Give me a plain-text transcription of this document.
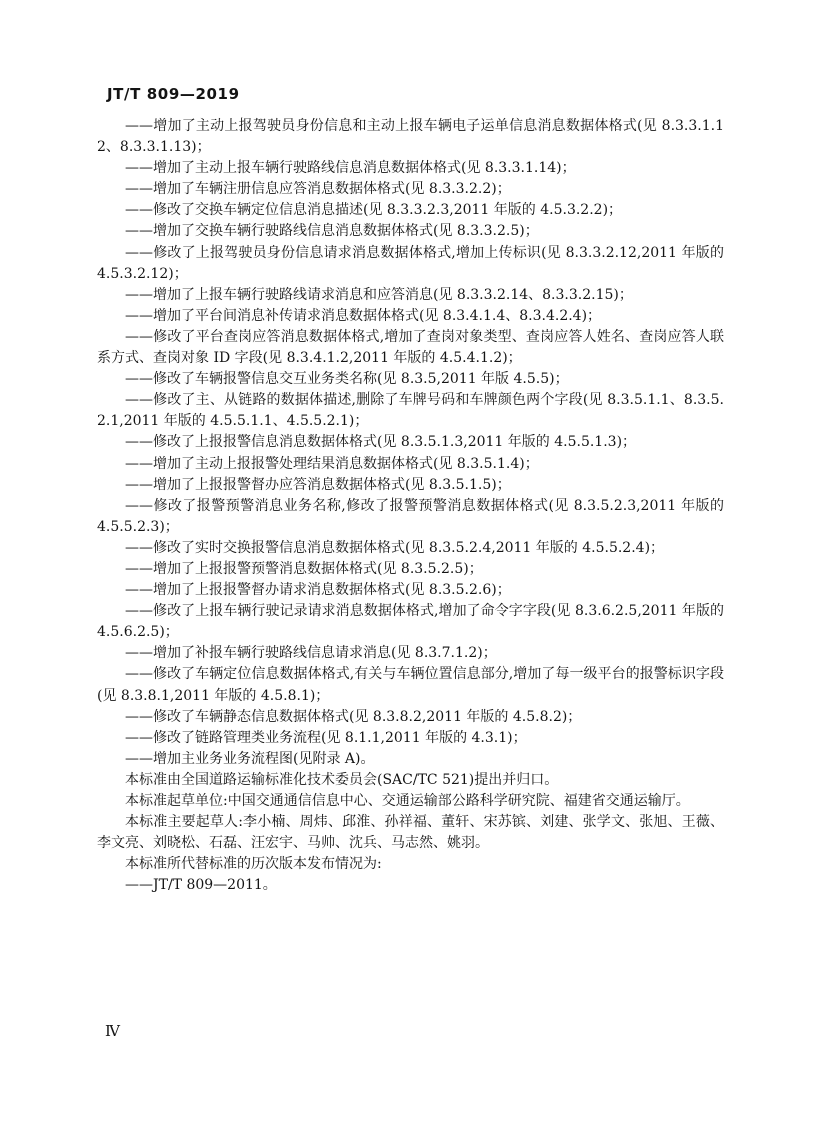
JT/T 809—2019

——增加了主动上报驾驶员身份信息和主动上报车辆电子运单信息消息数据体格式(见 8.3.3.1.12、8.3.3.1.13)；

——增加了主动上报车辆行驶路线信息消息数据体格式(见 8.3.3.1.14)；

——增加了车辆注册信息应答消息数据体格式(见 8.3.3.2.2)；

——修改了交换车辆定位信息消息描述(见 8.3.3.2.3,2011 年版的 4.5.3.2.2)；

——增加了交换车辆行驶路线信息消息数据体格式(见 8.3.3.2.5)；

——修改了上报驾驶员身份信息请求消息数据体格式,增加上传标识(见 8.3.3.2.12,2011 年版的 4.5.3.2.12)；

——增加了上报车辆行驶路线请求消息和应答消息(见 8.3.3.2.14、8.3.3.2.15)；

——增加了平台间消息补传请求消息数据体格式(见 8.3.4.1.4、8.3.4.2.4)；

——修改了平台查岗应答消息数据体格式,增加了查岗对象类型、查岗应答人姓名、查岗应答人联系方式、查岗对象 ID 字段(见 8.3.4.1.2,2011 年版的 4.5.4.1.2)；

——修改了车辆报警信息交互业务类名称(见 8.3.5,2011 年版 4.5.5)；

——修改了主、从链路的数据体描述,删除了车牌号码和车牌颜色两个字段(见 8.3.5.1.1、8.3.5.2.1,2011 年版的 4.5.5.1.1、4.5.5.2.1)；

——修改了上报报警信息消息数据体格式(见 8.3.5.1.3,2011 年版的 4.5.5.1.3)；

——增加了主动上报报警处理结果消息数据体格式(见 8.3.5.1.4)；

——增加了上报报警督办应答消息数据体格式(见 8.3.5.1.5)；

——修改了报警预警消息业务名称,修改了报警预警消息数据体格式(见 8.3.5.2.3,2011 年版的 4.5.5.2.3)；

——修改了实时交换报警信息消息数据体格式(见 8.3.5.2.4,2011 年版的 4.5.5.2.4)；

——增加了上报报警预警消息数据体格式(见 8.3.5.2.5)；

——增加了上报报警督办请求消息数据体格式(见 8.3.5.2.6)；

——修改了上报车辆行驶记录请求消息数据体格式,增加了命令字字段(见 8.3.6.2.5,2011 年版的 4.5.6.2.5)；

——增加了补报车辆行驶路线信息请求消息(见 8.3.7.1.2)；

——修改了车辆定位信息数据体格式,有关与车辆位置信息部分,增加了每一级平台的报警标识字段(见 8.3.8.1,2011 年版的 4.5.8.1)；

——修改了车辆静态信息数据体格式(见 8.3.8.2,2011 年版的 4.5.8.2)；

——修改了链路管理类业务流程(见 8.1.1,2011 年版的 4.3.1)；

——增加主业务业务流程图(见附录 A)。

本标准由全国道路运输标准化技术委员会(SAC/TC 521)提出并归口。

本标准起草单位:中国交通通信信息中心、交通运输部公路科学研究院、福建省交通运输厅。

本标准主要起草人:李小楠、周炜、邱淮、孙祥福、董轩、宋苏镔、刘建、张学文、张旭、王薇、李文亮、刘晓松、石磊、汪宏宇、马帅、沈兵、马志然、姚羽。

本标准所代替标准的历次版本发布情况为:

——JT/T 809—2011。

Ⅳ
